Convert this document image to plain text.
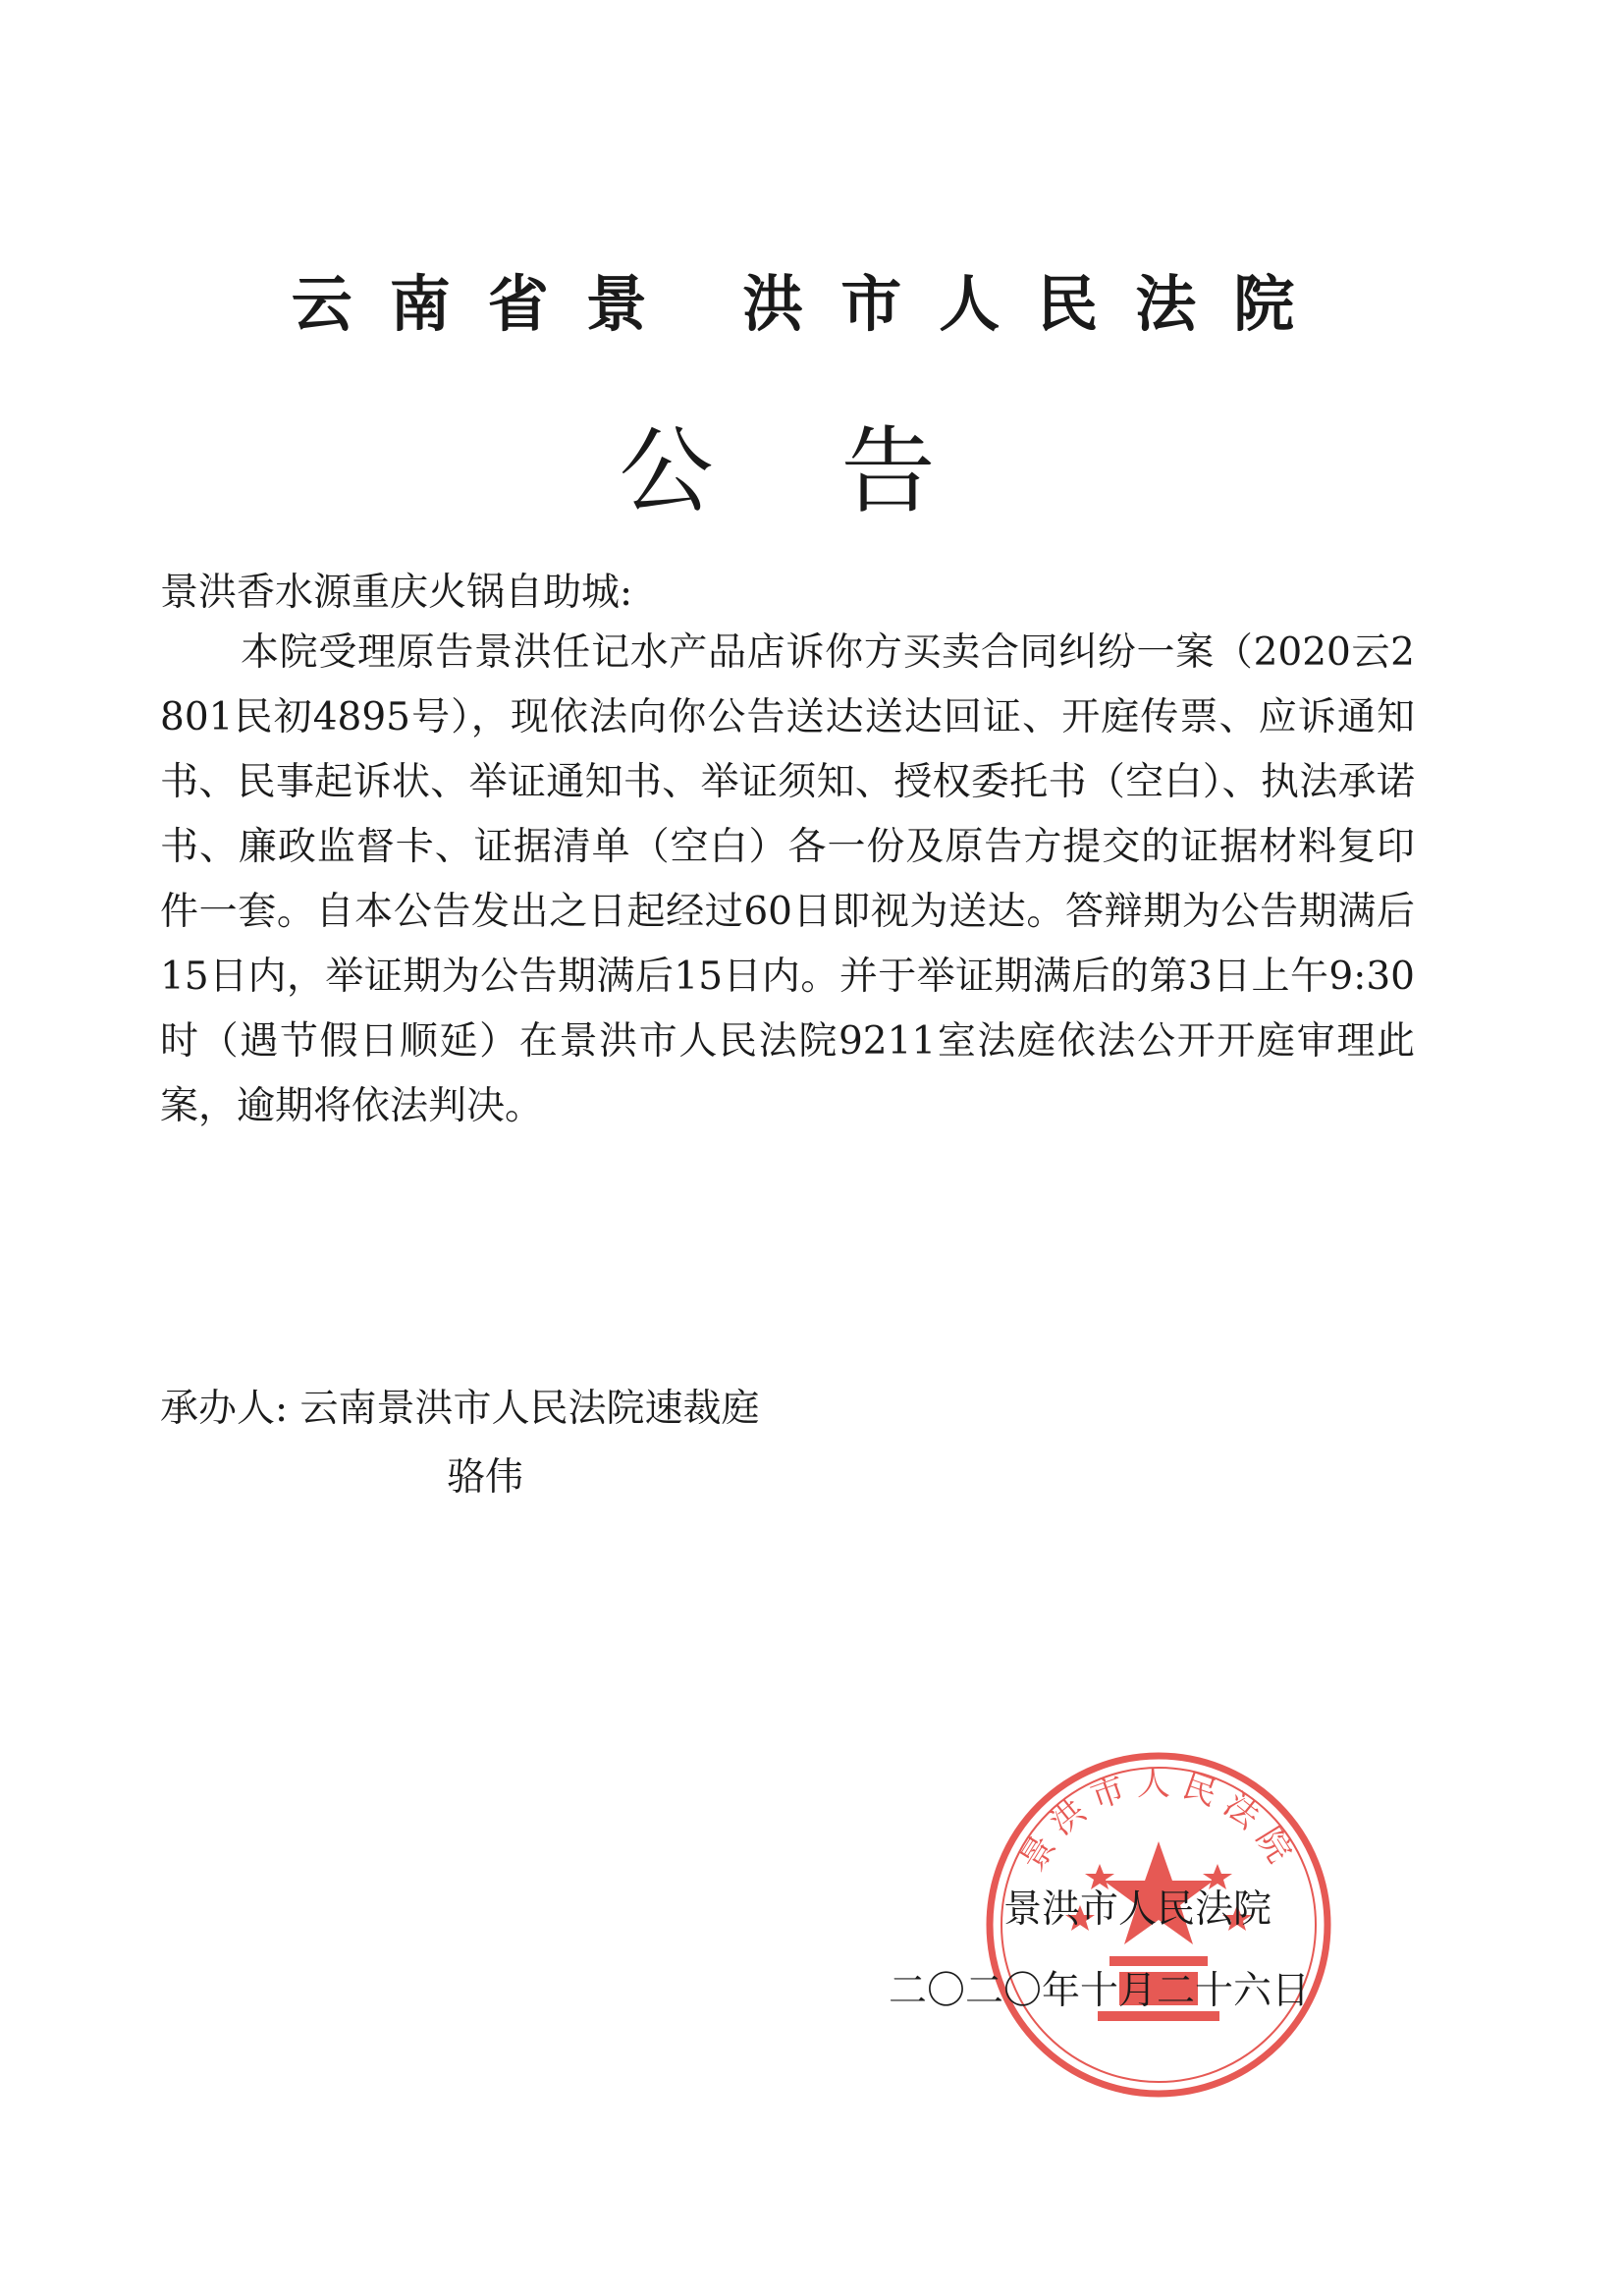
云南省景 洪市人民法院
公告
景洪香水源重庆火锅自助城:

本院受理原告景洪任记水产品店诉你方买卖合同纠纷一案（2020云2801民初4895号），现依法向你公告送达送达回证、开庭传票、应诉通知书、民事起诉状、举证通知书、举证须知、授权委托书（空白）、执法承诺书、廉政监督卡、证据清单（空白）各一份及原告方提交的证据材料复印件一套。自本公告发出之日起经过60日即视为送达。答辩期为公告期满后15日内，举证期为公告期满后15日内。并于举证期满后的第3日上午9:30时（遇节假日顺延）在景洪市人民法院9211室法庭依法公开开庭审理此案，逾期将依法判决。

承办人: 云南景洪市人民法院速裁庭
骆伟
景洪市人民法院
景洪市人民法院
二〇二〇年十月二十六日
